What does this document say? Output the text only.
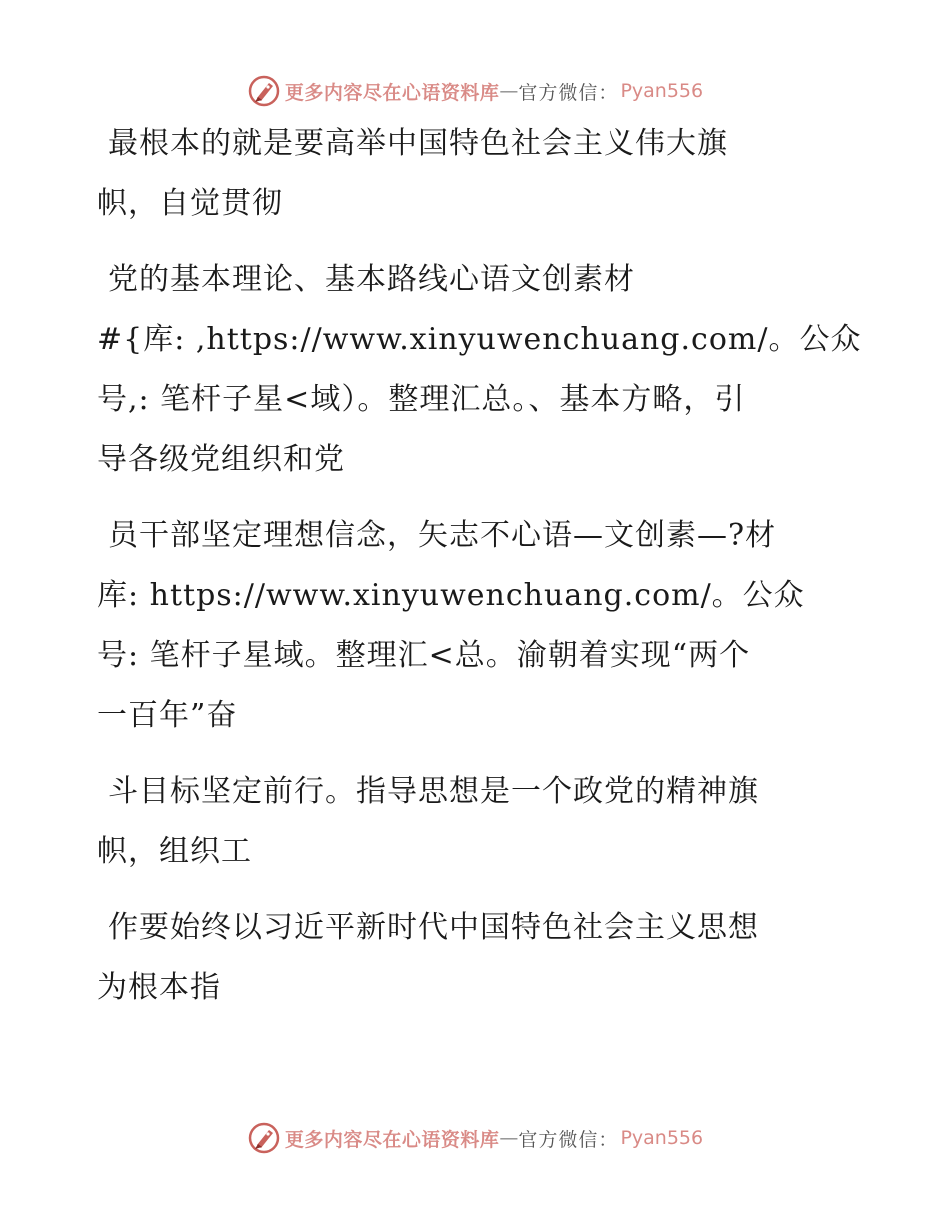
更多内容尽在心语资料库 — 官方微信： Pyan556
最根本的就是要高举中国特色社会主义伟大旗
帜，自觉贯彻
党的基本理论、基本路线心语文创素材
#{库: ,https://www.xinyuwenchuang.com/。公众
号,: 笔杆子星<域）。整理汇总。、基本方略，引
导各级党组织和党
员干部坚定理想信念，矢志不心语—文创素—?材
库: https://www.xinyuwenchuang.com/。公众
号: 笔杆子星域。整理汇<总。渝朝着实现“两个
一百年”奋
斗目标坚定前行。指导思想是一个政党的精神旗
帜，组织工
作要始终以习近平新时代中国特色社会主义思想
为根本指
更多内容尽在心语资料库 — 官方微信： Pyan556
